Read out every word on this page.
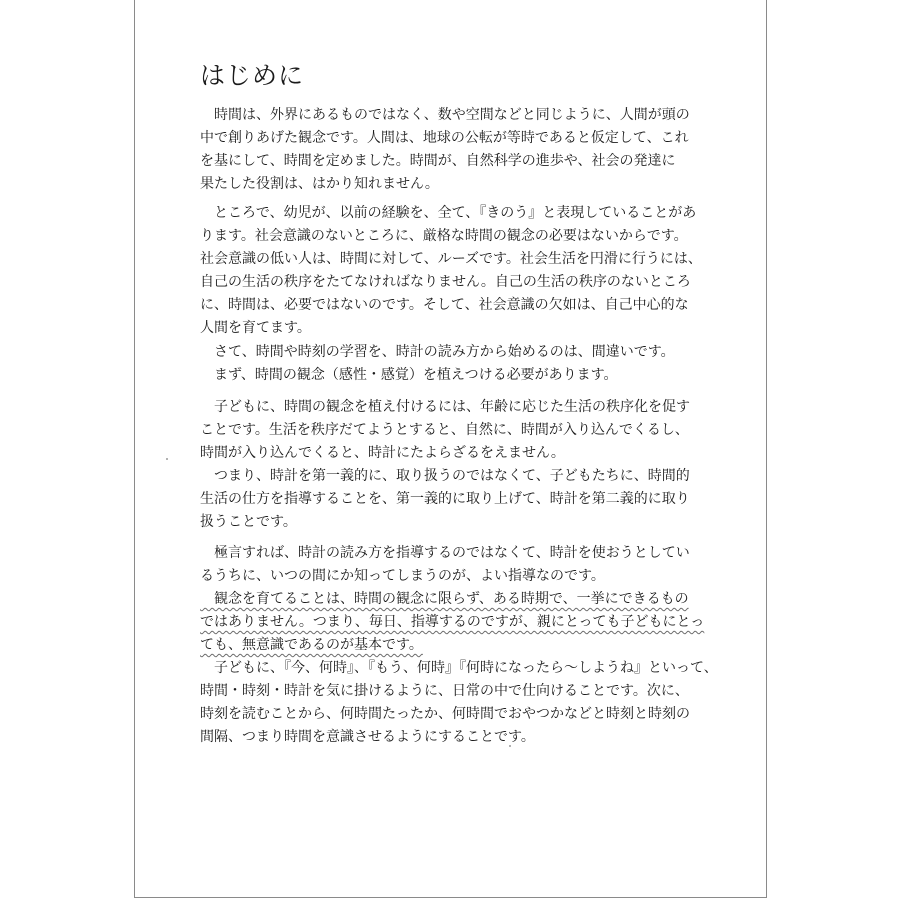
はじめに
　時間は、外界にあるものではなく、数や空間などと同じように、人間が頭の
中で創りあげた観念です。人間は、地球の公転が等時であると仮定して、これ
を基にして、時間を定めました。時間が、自然科学の進歩や、社会の発達に
果たした役割は、はかり知れません。
　ところで、幼児が、以前の経験を、全て、『きのう』と表現していることがあ
ります。社会意識のないところに、厳格な時間の観念の必要はないからです。
社会意識の低い人は、時間に対して、ルーズです。社会生活を円滑に行うには、
自己の生活の秩序をたてなければなりません。自己の生活の秩序のないところ
に、時間は、必要ではないのです。そして、社会意識の欠如は、自己中心的な
人間を育てます。
　さて、時間や時刻の学習を、時計の読み方から始めるのは、間違いです。
　まず、時間の観念（感性・感覚）を植えつける必要があります。
　子どもに、時間の観念を植え付けるには、年齢に応じた生活の秩序化を促す
ことです。生活を秩序だてようとすると、自然に、時間が入り込んでくるし、
時間が入り込んでくると、時計にたよらざるをえません。
　つまり、時計を第一義的に、取り扱うのではなくて、子どもたちに、時間的
生活の仕方を指導することを、第一義的に取り上げて、時計を第二義的に取り
扱うことです。
　極言すれば、時計の読み方を指導するのではなくて、時計を使おうとしてい
るうちに、いつの間にか知ってしまうのが、よい指導なのです。
　観念を育てることは、時間の観念に限らず、ある時期で、一挙にできるもの
ではありません。つまり、毎日、指導するのですが、親にとっても子どもにとっ
ても、無意識であるのが基本です。
　子どもに、『今、何時』、『もう、何時』『何時になったら～しようね』といって、
時間・時刻・時計を気に掛けるように、日常の中で仕向けることです。次に、
時刻を読むことから、何時間たったか、何時間でおやつかなどと時刻と時刻の
間隔、つまり時間を意識させるようにすることです。
